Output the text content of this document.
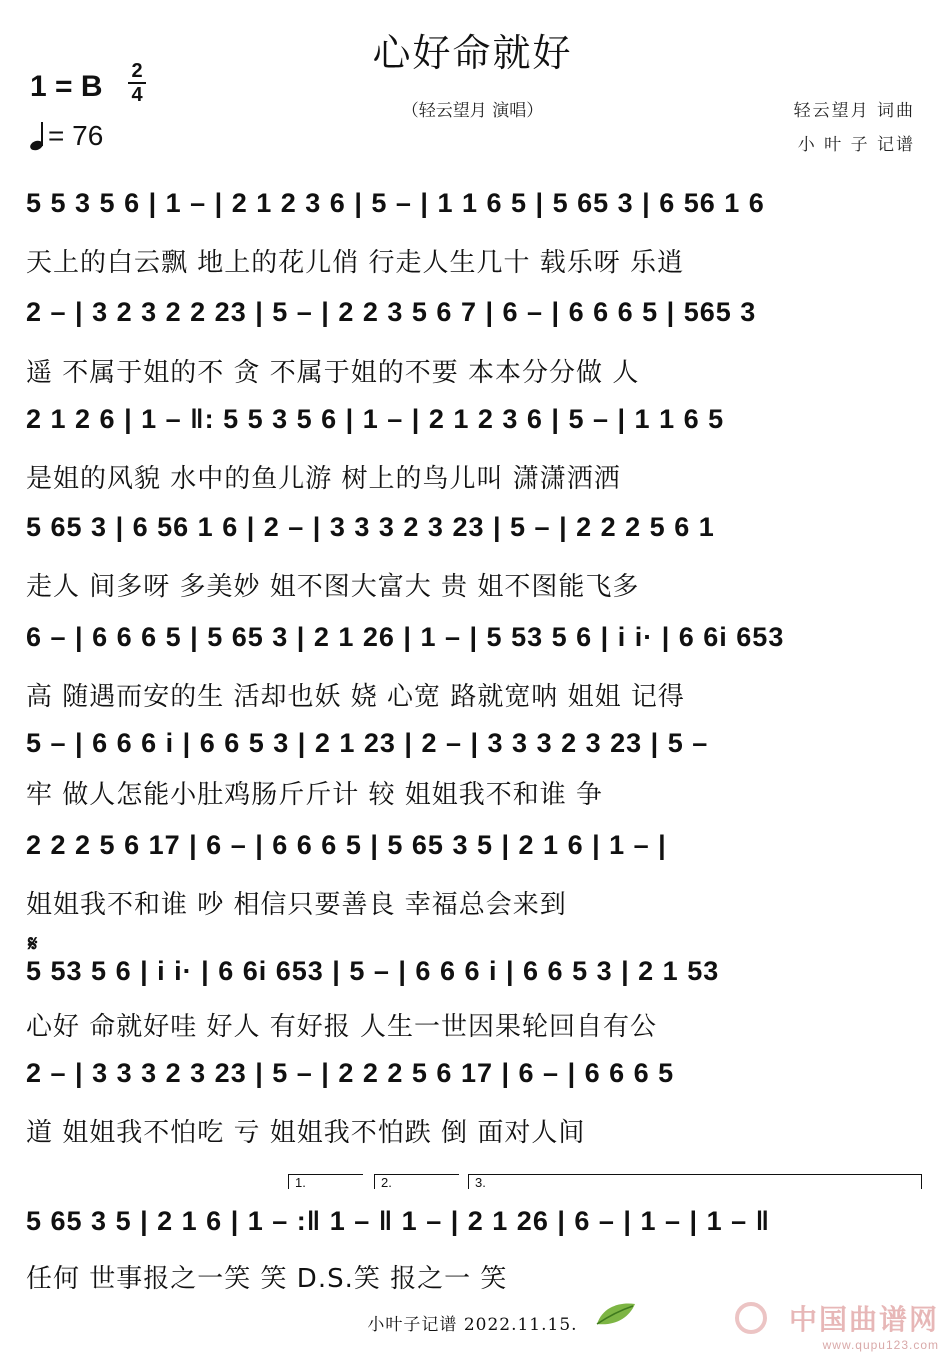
心好命就好
（轻云望月 演唱）
1 = B 2
4
= 76
轻云望月 词曲
小 叶 子 记谱
5 5 3 5 6 | 1 – | 2 1 2 3 6 | 5 – | 1 1 6 5 | 5 65 3 | 6 56 1 6
天上的白云飘 地上的花儿俏 行走人生几十 载乐呀 乐逍
2 – | 3 2 3 2 2 23 | 5 – | 2 2 3 5 6 7 | 6 – | 6 6 6 5 | 565 3
遥 不属于姐的不 贪 不属于姐的不要 本本分分做 人
2 1 2 6 | 1 – ‖: 5 5 3 5 6 | 1 – | 2 1 2 3 6 | 5 – | 1 1 6 5
是姐的风貌 水中的鱼儿游 树上的鸟儿叫 潇潇洒洒
5 65 3 | 6 56 1 6 | 2 – | 3 3 3 2 3 23 | 5 – | 2 2 2 5 6 1
走人 间多呀 多美妙 姐不图大富大 贵 姐不图能飞多
6 – | 6 6 6 5 | 5 65 3 | 2 1 26 | 1 – | 5 53 5 6 | i i· | 6 6i 653
高 随遇而安的生 活却也妖 娆 心宽 路就宽呐 姐姐 记得
5 – | 6 6 6 i | 6 6 5 3 | 2 1 23 | 2 – | 3 3 3 2 3 23 | 5 –
牢 做人怎能小肚鸡肠斤斤计 较 姐姐我不和谁 争
2 2 2 5 6 17 | 6 – | 6 6 6 5 | 5 65 3 5 | 2 1 6 | 1 – |
姐姐我不和谁 吵 相信只要善良 幸福总会来到
𝄋
5 53 5 6 | i i· | 6 6i 653 | 5 – | 6 6 6 i | 6 6 5 3 | 2 1 53
心好 命就好哇 好人 有好报 人生一世因果轮回自有公
2 – | 3 3 3 2 3 23 | 5 – | 2 2 2 5 6 17 | 6 – | 6 6 6 5
道 姐姐我不怕吃 亏 姐姐我不怕跌 倒 面对人间
1.	2.	3.
5 65 3 5 | 2 1 6 | 1 – :‖ 1 – ‖ 1 – | 2 1 26 | 6 – | 1 – | 1 – ‖
任何 世事报之一笑 笑 D.S.笑 报之一 笑
小叶子记谱 2022.11.15.	中国曲谱网
www.qupu123.com
